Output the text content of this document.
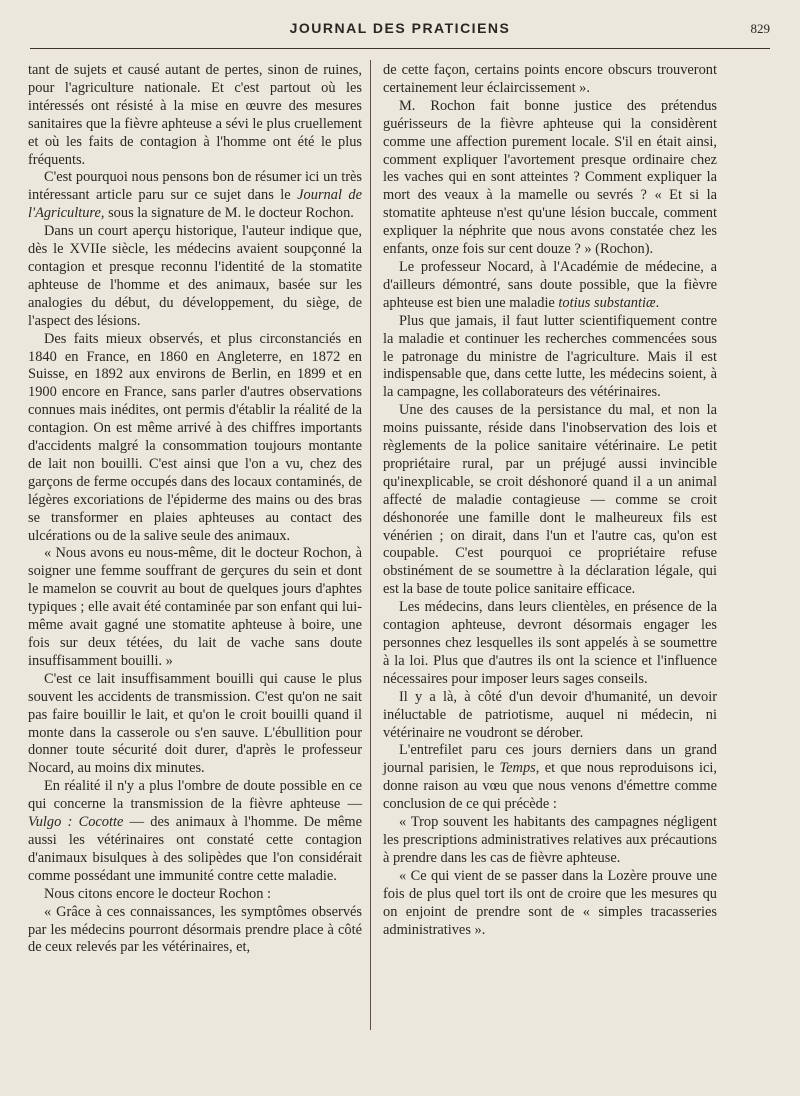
JOURNAL DES PRATICIENS	829

tant de sujets et causé autant de pertes, sinon de ruines, pour l'agriculture nationale. Et c'est partout où les intéressés ont résisté à la mise en œuvre des mesures sanitaires que la fièvre aphteuse a sévi le plus cruellement et où les faits de contagion à l'homme ont été le plus fréquents.

C'est pourquoi nous pensons bon de résumer ici un très intéressant article paru sur ce sujet dans le Journal de l'Agriculture, sous la signature de M. le docteur Rochon.

Dans un court aperçu historique, l'auteur indique que, dès le XVIIe siècle, les médecins avaient soupçonné la contagion et presque reconnu l'identité de la stomatite aphteuse de l'homme et des animaux, basée sur les analogies du début, du développement, du siège, de l'aspect des lésions.

Des faits mieux observés, et plus circonstanciés en 1840 en France, en 1860 en Angleterre, en 1872 en Suisse, en 1892 aux environs de Berlin, en 1899 et en 1900 encore en France, sans parler d'autres observations connues mais inédites, ont permis d'établir la réalité de la contagion. On est même arrivé à des chiffres importants d'accidents malgré la consommation toujours montante de lait non bouilli. C'est ainsi que l'on a vu, chez des garçons de ferme occupés dans des locaux contaminés, de légères excoriations de l'épiderme des mains ou des bras se transformer en plaies aphteuses au contact des ulcérations ou de la salive seule des animaux.

« Nous avons eu nous-même, dit le docteur Rochon, à soigner une femme souffrant de gerçures du sein et dont le mamelon se couvrit au bout de quelques jours d'aphtes typiques ; elle avait été contaminée par son enfant qui lui-même avait gagné une stomatite aphteuse à boire, une fois sur deux tétées, du lait de vache sans doute insuffisamment bouilli. »

C'est ce lait insuffisamment bouilli qui cause le plus souvent les accidents de transmission. C'est qu'on ne sait pas faire bouillir le lait, et qu'on le croit bouilli quand il monte dans la casserole ou s'en sauve. L'ébullition pour donner toute sécurité doit durer, d'après le professeur Nocard, au moins dix minutes.

En réalité il n'y a plus l'ombre de doute possible en ce qui concerne la transmission de la fièvre aphteuse — Vulgo : Cocotte — des animaux à l'homme. De même aussi les vétérinaires ont constaté cette contagion d'animaux bisulques à des solipèdes que l'on considérait comme possédant une immunité contre cette maladie.

Nous citons encore le docteur Rochon :

« Grâce à ces connaissances, les symptômes observés par les médecins pourront désormais prendre place à côté de ceux relevés par les vétérinaires, et,

de cette façon, certains points encore obscurs trouveront certainement leur éclaircissement ».

M. Rochon fait bonne justice des prétendus guérisseurs de la fièvre aphteuse qui la considèrent comme une affection purement locale. S'il en était ainsi, comment expliquer l'avortement presque ordinaire chez les vaches qui en sont atteintes ? Comment expliquer la mort des veaux à la mamelle ou sevrés ? « Et si la stomatite aphteuse n'est qu'une lésion buccale, comment expliquer la néphrite que nous avons constatée chez les enfants, onze fois sur cent douze ? » (Rochon).

Le professeur Nocard, à l'Académie de médecine, a d'ailleurs démontré, sans doute possible, que la fièvre aphteuse est bien une maladie totius substantiæ.

Plus que jamais, il faut lutter scientifiquement contre la maladie et continuer les recherches commencées sous le patronage du ministre de l'agriculture. Mais il est indispensable que, dans cette lutte, les médecins soient, à la campagne, les collaborateurs des vétérinaires.

Une des causes de la persistance du mal, et non la moins puissante, réside dans l'inobservation des lois et règlements de la police sanitaire vétérinaire. Le petit propriétaire rural, par un préjugé aussi invincible qu'inexplicable, se croit déshonoré quand il a un animal affecté de maladie contagieuse — comme se croit déshonorée une famille dont le malheureux fils est vénérien ; on dirait, dans l'un et l'autre cas, qu'on est coupable. C'est pourquoi ce propriétaire refuse obstinément de se soumettre à la déclaration légale, qui est la base de toute police sanitaire efficace.

Les médecins, dans leurs clientèles, en présence de la contagion aphteuse, devront désormais engager les personnes chez lesquelles ils sont appelés à se soumettre à la loi. Plus que d'autres ils ont la science et l'influence nécessaires pour imposer leurs sages conseils.

Il y a là, à côté d'un devoir d'humanité, un devoir inéluctable de patriotisme, auquel ni médecin, ni vétérinaire ne voudront se dérober.

L'entrefilet paru ces jours derniers dans un grand journal parisien, le Temps, et que nous reproduisons ici, donne raison au vœu que nous venons d'émettre comme conclusion de ce qui précède :

« Trop souvent les habitants des campagnes négligent les prescriptions administratives relatives aux précautions à prendre dans les cas de fièvre aphteuse.

« Ce qui vient de se passer dans la Lozère prouve une fois de plus quel tort ils ont de croire que les mesures qu on enjoint de prendre sont de « simples tracasseries administratives ».
